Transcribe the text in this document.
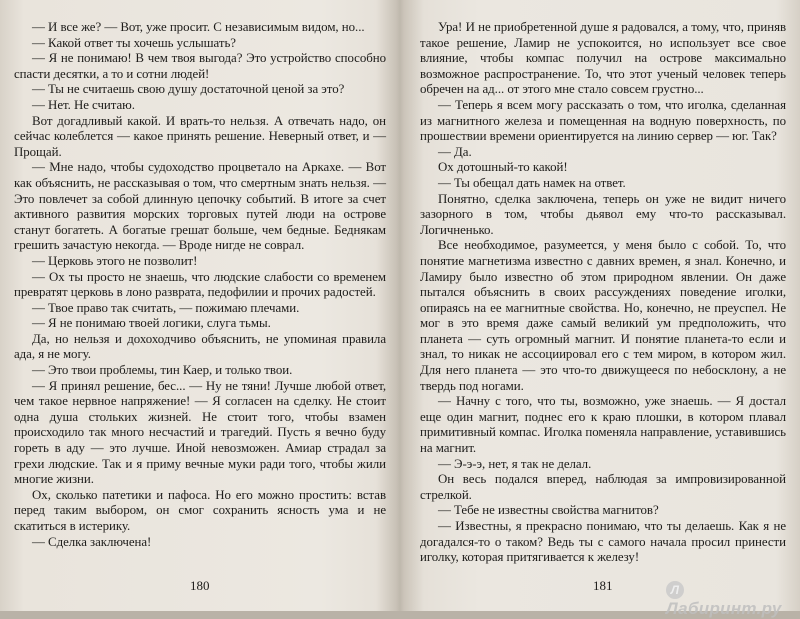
— И все же? — Вот, уже просит. С независимым видом, но...

— Какой ответ ты хочешь услышать?

— Я не понимаю! В чем твоя выгода? Это устройство способно спасти десятки, а то и сотни людей!

— Ты не считаешь свою душу достаточной ценой за это?

— Нет. Не считаю.

Вот догадливый какой. И врать-то нельзя. А отвечать надо, он сейчас колеблется — какое принять решение. Неверный ответ, и — Прощай.

— Мне надо, чтобы судоходство процветало на Аркахе. — Вот как объяснить, не рассказывая о том, что смертным знать нельзя. — Это повлечет за собой длинную цепочку событий. В итоге за счет активного развития морских торговых путей люди на острове станут богатеть. А богатые грешат больше, чем бедные. Беднякам грешить зачастую некогда. — Вроде нигде не соврал.

— Церковь этого не позволит!

— Ох ты просто не знаешь, что людские слабости со временем превратят церковь в лоно разврата, педофилии и прочих радостей.

— Твое право так считать, — пожимаю плечами.

— Я не понимаю твоей логики, слуга тьмы.

Да, но нельзя и дохоходчиво объяснить, не упоминая правила ада, я не могу.

— Это твои проблемы, тин Каер, и только твои.

— Я принял решение, бес... — Ну не тяни! Лучше любой ответ, чем такое нервное напряжение! — Я согласен на сделку. Не стоит одна душа стольких жизней. Не стоит того, чтобы взамен происходило так много несчастий и трагедий. Пусть я вечно буду гореть в аду — это лучше. Иной невозможен. Амиар страдал за грехи людские. Так и я приму вечные муки ради того, чтобы жили многие жизни.

Ох, сколько патетики и пафоса. Но его можно простить: встав перед таким выбором, он смог сохранить ясность ума и не скатиться в истерику.

— Сделка заключена!

180

Ура! И не приобретенной душе я радовался, а тому, что, приняв такое решение, Ламир не успокоится, но использует все свое влияние, чтобы компас получил на острове максимально возможное распространение. То, что этот ученый человек теперь обречен на ад... от этого мне стало совсем грустно...

— Теперь я всем могу рассказать о том, что иголка, сделанная из магнитного железа и помещенная на водную поверхность, по прошествии времени ориентируется на линию сервер — юг. Так?

— Да.

Ох дотошный-то какой!

— Ты обещал дать намек на ответ.

Понятно, сделка заключена, теперь он уже не видит ничего зазорного в том, чтобы дьявол ему что-то рассказывал. Логичненько.

Все необходимое, разумеется, у меня было с собой. То, что понятие магнетизма известно с давних времен, я знал. Конечно, и Ламиру было известно об этом природном явлении. Он даже пытался объяснить в своих рассуждениях поведение иголки, опираясь на ее магнитные свойства. Но, конечно, не преуспел. Не мог в это время даже самый великий ум предположить, что планета — суть огромный магнит. И понятие планета-то если и знал, то никак не ассоциировал его с тем миром, в котором жил. Для него планета — это что-то движущееся по небосклону, а не твердь под ногами.

— Начну с того, что ты, возможно, уже знаешь. — Я достал еще один магнит, поднес его к краю плошки, в котором плавал примитивный компас. Иголка поменяла направление, уставившись на магнит.

— Э-э-э, нет, я так не делал.

Он весь подался вперед, наблюдая за импровизированной стрелкой.

— Тебе не известны свойства магнитов?

— Известны, я прекрасно понимаю, что ты делаешь. Как я не догадался-то о таком? Ведь ты с самого начала просил принести иголку, которая притягивается к железу!

181	ЛЛабиринт.ру
